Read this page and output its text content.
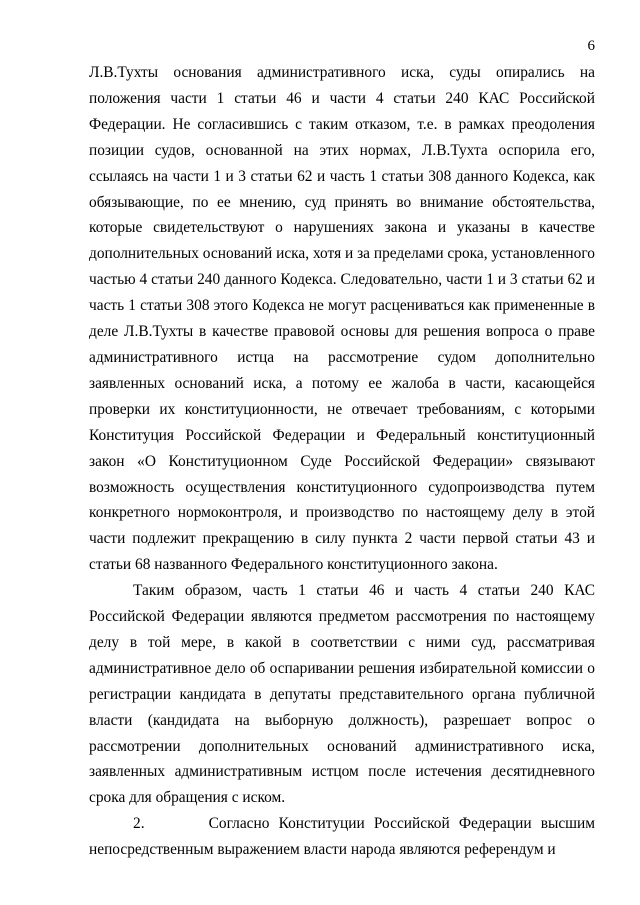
6

Л.В.Тухты основания административного иска, суды опирались на положения части 1 статьи 46 и части 4 статьи 240 КАС Российской Федерации. Не согласившись с таким отказом, т.е. в рамках преодоления позиции судов, основанной на этих нормах, Л.В.Тухта оспорила его, ссылаясь на части 1 и 3 статьи 62 и часть 1 статьи 308 данного Кодекса, как обязывающие, по ее мнению, суд принять во внимание обстоятельства, которые свидетельствуют о нарушениях закона и указаны в качестве дополнительных оснований иска, хотя и за пределами срока, установленного частью 4 статьи 240 данного Кодекса. Следовательно, части 1 и 3 статьи 62 и часть 1 статьи 308 этого Кодекса не могут расцениваться как примененные в деле Л.В.Тухты в качестве правовой основы для решения вопроса о праве административного истца на рассмотрение судом дополнительно заявленных оснований иска, а потому ее жалоба в части, касающейся проверки их конституционности, не отвечает требованиям, с которыми Конституция Российской Федерации и Федеральный конституционный закон «О Конституционном Суде Российской Федерации» связывают возможность осуществления конституционного судопроизводства путем конкретного нормоконтроля, и производство по настоящему делу в этой части подлежит прекращению в силу пункта 2 части первой статьи 43 и статьи 68 названного Федерального конституционного закона.

Таким образом, часть 1 статьи 46 и часть 4 статьи 240 КАС Российской Федерации являются предметом рассмотрения по настоящему делу в той мере, в какой в соответствии с ними суд, рассматривая административное дело об оспаривании решения избирательной комиссии о регистрации кандидата в депутаты представительного органа публичной власти (кандидата на выборную должность), разрешает вопрос о рассмотрении дополнительных оснований административного иска, заявленных административным истцом после истечения десятидневного срока для обращения с иском.

2.       Согласно Конституции Российской Федерации высшим непосредственным выражением власти народа являются референдум и
